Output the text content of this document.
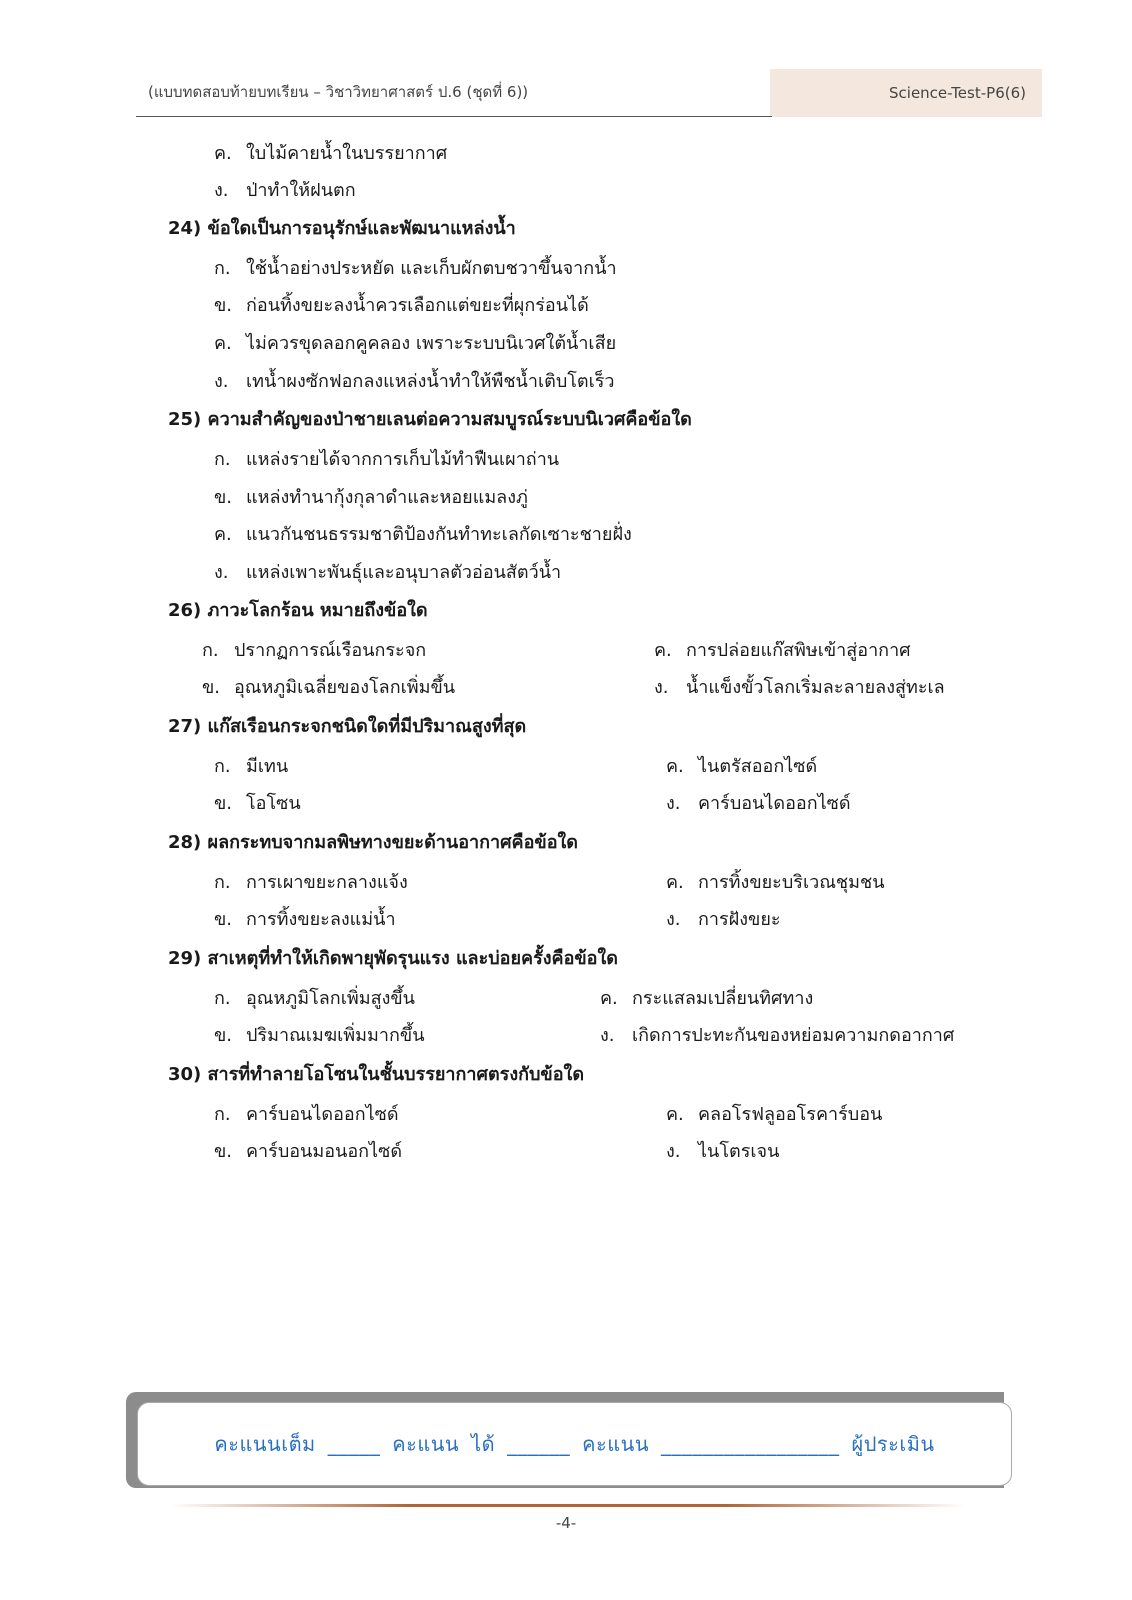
(แบบทดสอบท้ายบทเรียน – วิชาวิทยาศาสตร์ ป.6 (ชุดที่ 6))	Science-Test-P6(6)
ค. ใบไม้คายน้ำในบรรยากาศ
ง. ป่าทำให้ฝนตก
24) ข้อใดเป็นการอนุรักษ์และพัฒนาแหล่งน้ำ
ก. ใช้น้ำอย่างประหยัด และเก็บผักตบชวาขึ้นจากน้ำ
ข. ก่อนทิ้งขยะลงน้ำควรเลือกแต่ขยะที่ผุกร่อนได้
ค. ไม่ควรขุดลอกคูคลอง เพราะระบบนิเวศใต้น้ำเสีย
ง. เทน้ำผงซักฟอกลงแหล่งน้ำทำให้พืชน้ำเติบโตเร็ว
25) ความสำคัญของป่าชายเลนต่อความสมบูรณ์ระบบนิเวศคือข้อใด
ก. แหล่งรายได้จากการเก็บไม้ทำฟืนเผาถ่าน
ข. แหล่งทำนากุ้งกุลาดำและหอยแมลงภู่
ค. แนวกันชนธรรมชาติป้องกันทำทะเลกัดเซาะชายฝั่ง
ง. แหล่งเพาะพันธุ์และอนุบาลตัวอ่อนสัตว์น้ำ
26) ภาวะโลกร้อน หมายถึงข้อใด
ก. ปรากฏการณ์เรือนกระจก
ข. อุณหภูมิเฉลี่ยของโลกเพิ่มขึ้น
ค. การปล่อยแก๊สพิษเข้าสู่อากาศ
ง. น้ำแข็งขั้วโลกเริ่มละลายลงสู่ทะเล
27) แก๊สเรือนกระจกชนิดใดที่มีปริมาณสูงที่สุด
ก. มีเทน
ข. โอโซน
ค. ไนตรัสออกไซด์
ง. คาร์บอนไดออกไซด์
28) ผลกระทบจากมลพิษทางขยะด้านอากาศคือข้อใด
ก. การเผาขยะกลางแจ้ง
ข. การทิ้งขยะลงแม่น้ำ
ค. การทิ้งขยะบริเวณชุมชน
ง. การฝังขยะ
29) สาเหตุที่ทำให้เกิดพายุพัดรุนแรง และบ่อยครั้งคือข้อใด
ก. อุณหภูมิโลกเพิ่มสูงขึ้น
ข. ปริมาณเมฆเพิ่มมากขึ้น
ค. กระแสลมเปลี่ยนทิศทาง
ง. เกิดการปะทะกันของหย่อมความกดอากาศ
30) สารที่ทำลายโอโซนในชั้นบรรยากาศตรงกับข้อใด
ก. คาร์บอนไดออกไซด์
ข. คาร์บอนมอนอกไซด์
ค. คลอโรฟลูออโรคาร์บอน
ง. ไนโตรเจน
คะแนนเต็ม _____ คะแนน ได้ ______ คะแนน _________________ ผู้ประเมิน
-4-
